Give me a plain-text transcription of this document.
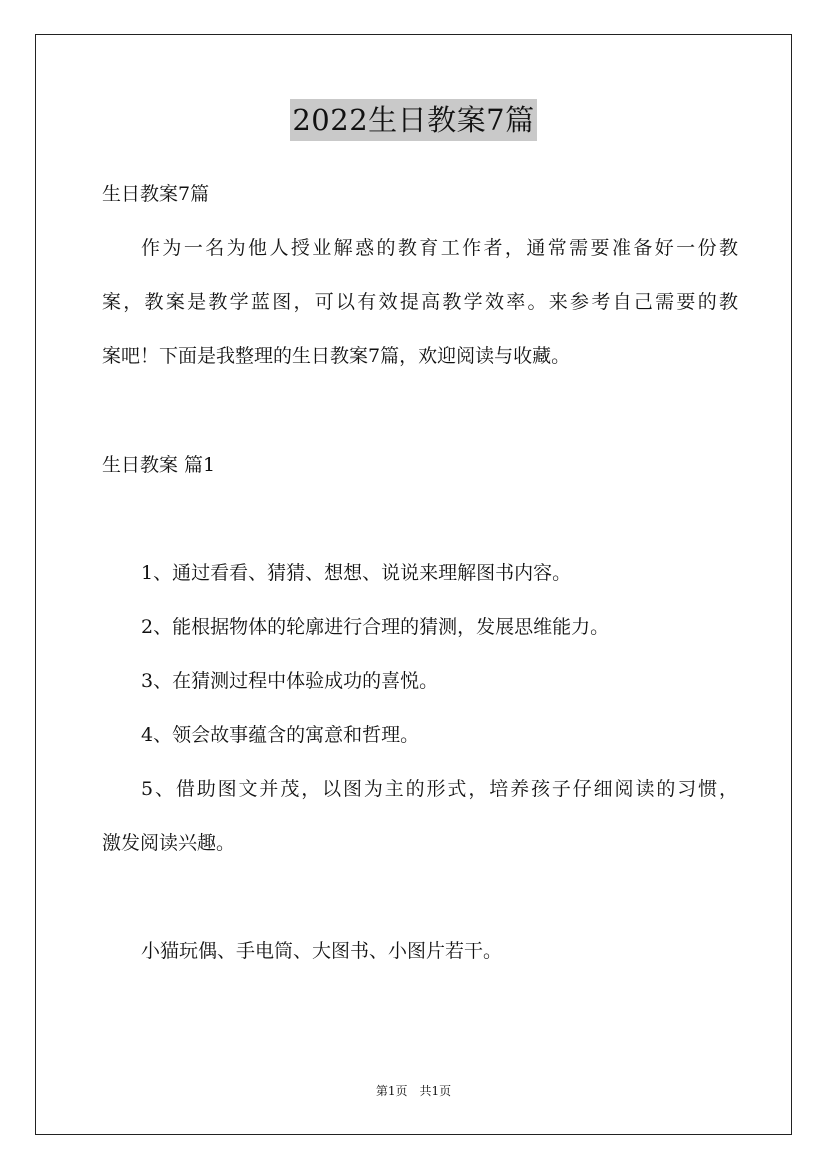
2022生日教案7篇
生日教案7篇
作为一名为他人授业解惑的教育工作者，通常需要准备好一份教
案，教案是教学蓝图，可以有效提高教学效率。来参考自己需要的教
案吧！下面是我整理的生日教案7篇，欢迎阅读与收藏。
生日教案 篇1
1、通过看看、猜猜、想想、说说来理解图书内容。
2、能根据物体的轮廓进行合理的猜测，发展思维能力。
3、在猜测过程中体验成功的喜悦。
4、领会故事蕴含的寓意和哲理。
5、借助图文并茂，以图为主的形式，培养孩子仔细阅读的习惯，
激发阅读兴趣。
小猫玩偶、手电筒、大图书、小图片若干。
第1页　共1页
